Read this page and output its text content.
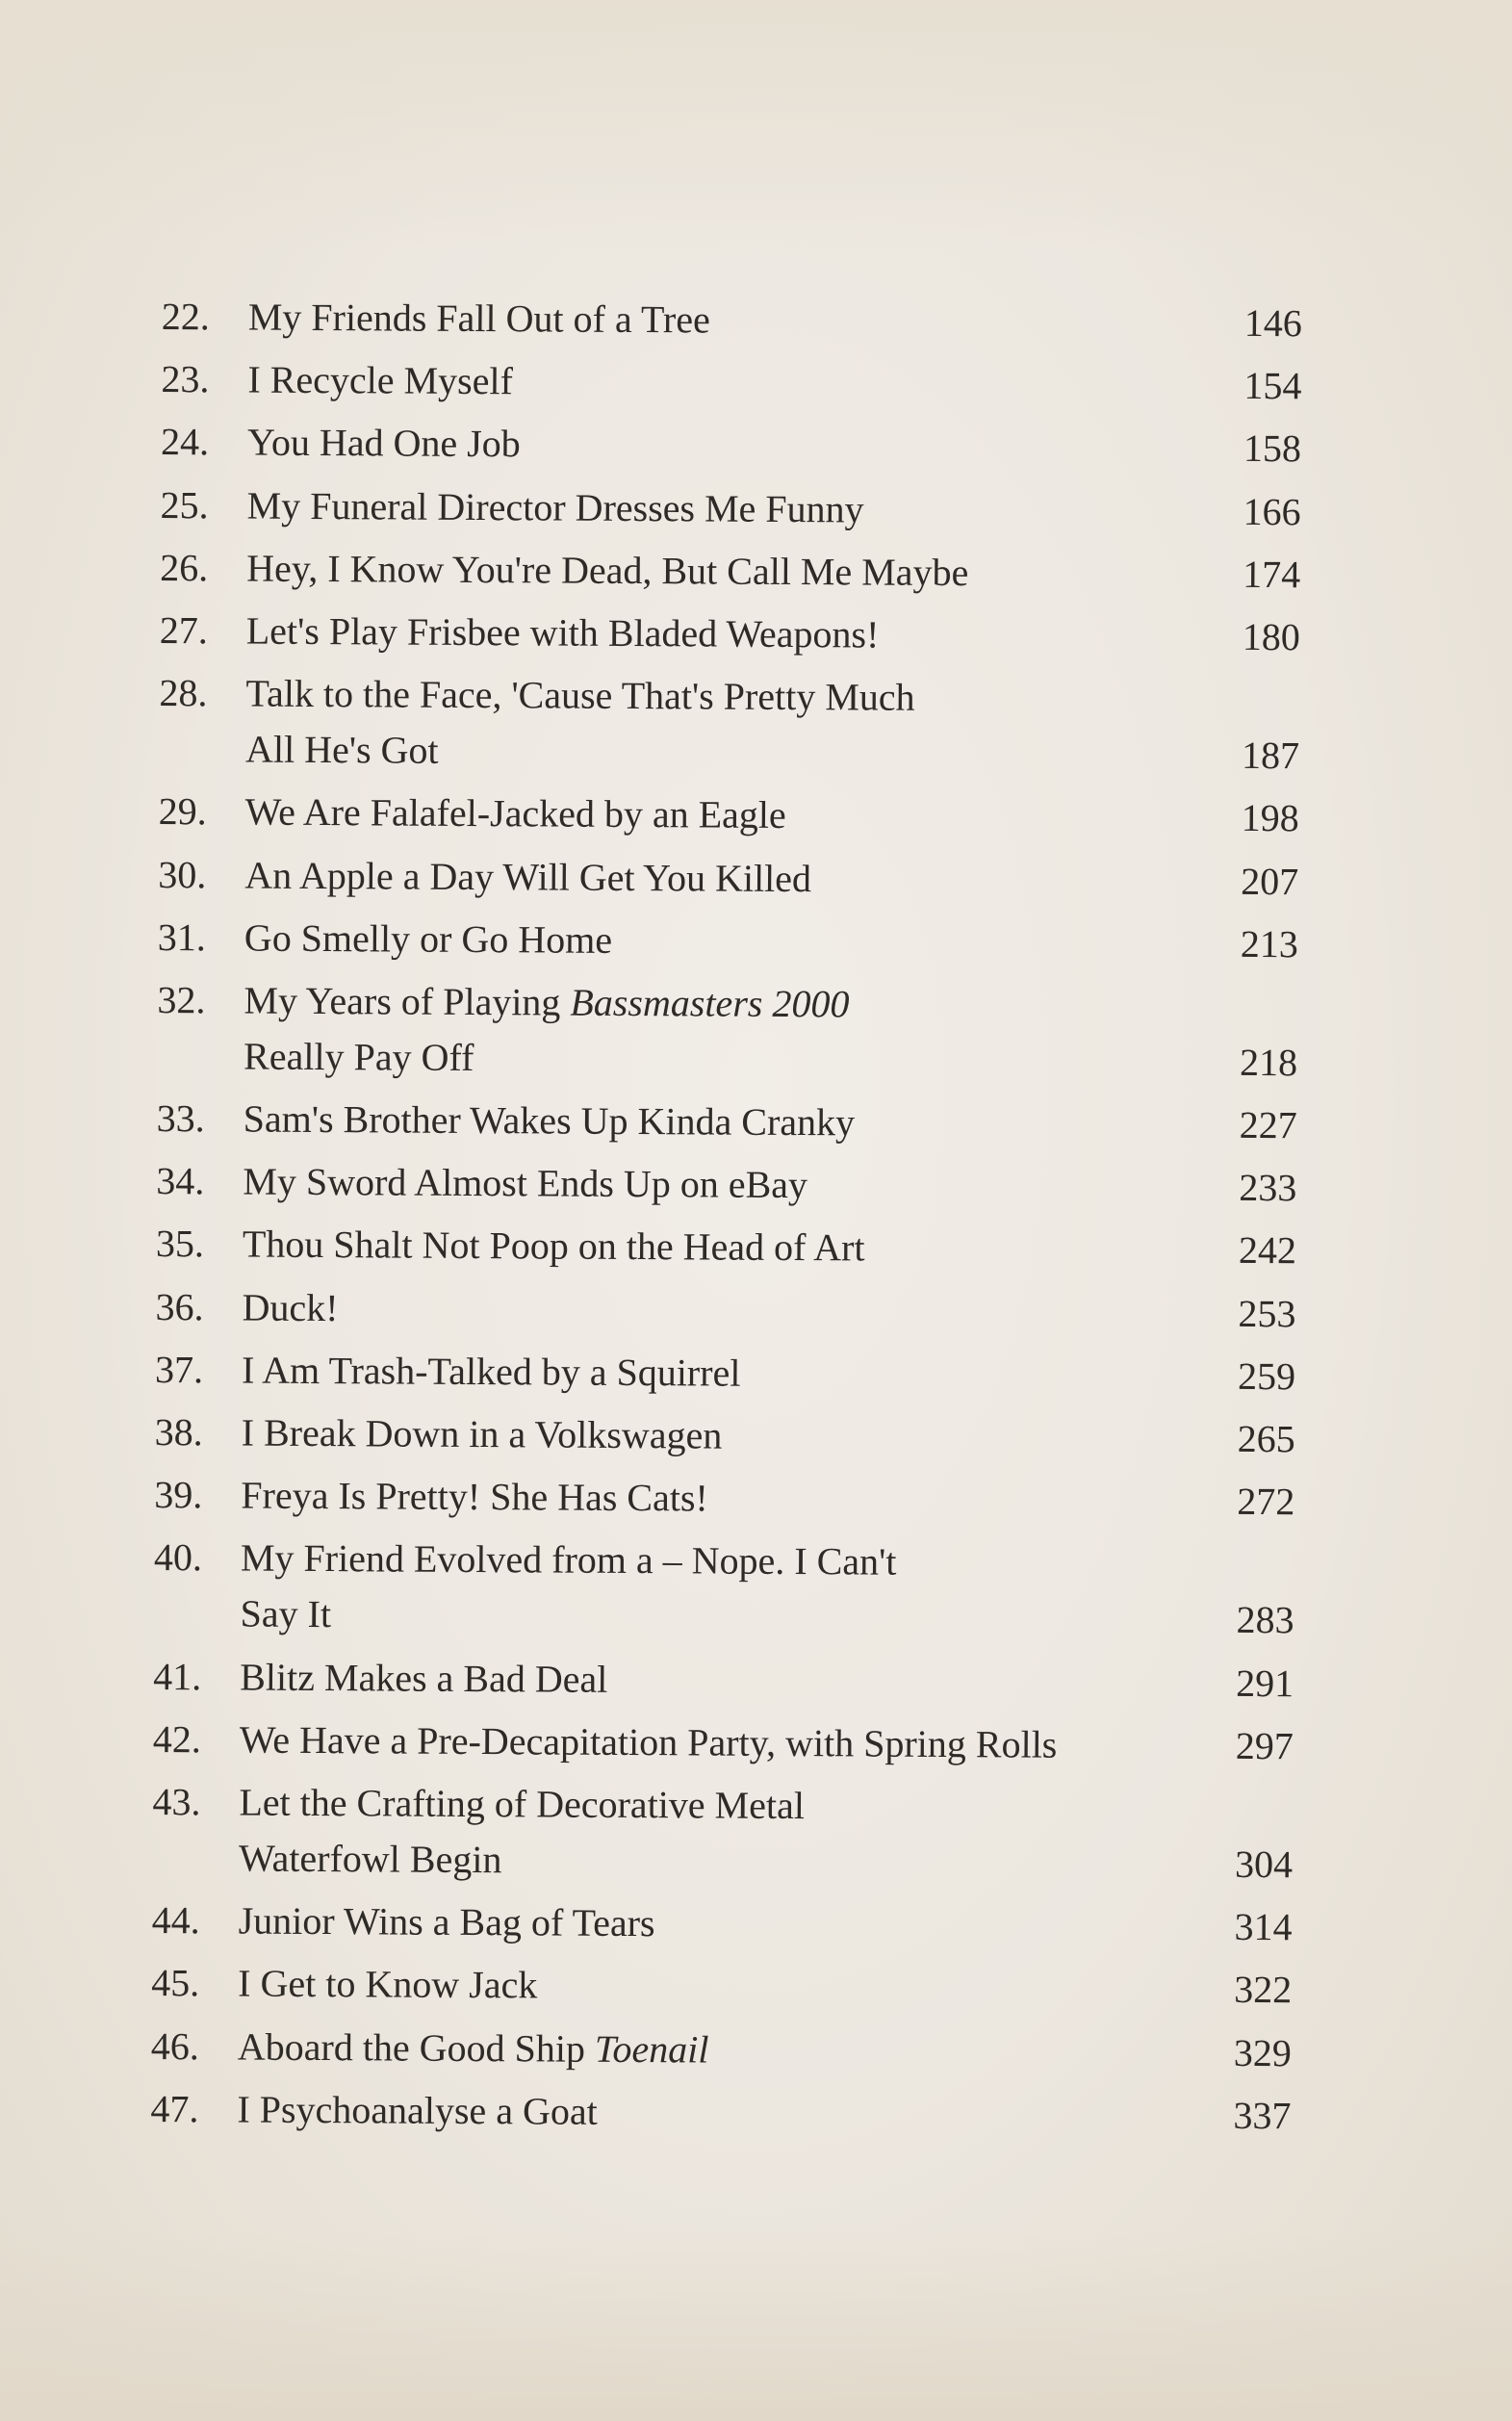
22. My Friends Fall Out of a Tree	146
23. I Recycle Myself	154
24. You Had One Job	158
25. My Funeral Director Dresses Me Funny	166
26. Hey, I Know You're Dead, But Call Me Maybe	174
27. Let's Play Frisbee with Bladed Weapons!	180
28. Talk to the Face, 'Cause That's Pretty Much
All He's Got	187
29. We Are Falafel-Jacked by an Eagle	198
30. An Apple a Day Will Get You Killed	207
31. Go Smelly or Go Home	213
32. My Years of Playing Bassmasters 2000
Really Pay Off	218
33. Sam's Brother Wakes Up Kinda Cranky	227
34. My Sword Almost Ends Up on eBay	233
35. Thou Shalt Not Poop on the Head of Art	242
36. Duck!	253
37. I Am Trash-Talked by a Squirrel	259
38. I Break Down in a Volkswagen	265
39. Freya Is Pretty! She Has Cats!	272
40. My Friend Evolved from a – Nope. I Can't
Say It	283
41. Blitz Makes a Bad Deal	291
42. We Have a Pre-Decapitation Party, with Spring Rolls	297
43. Let the Crafting of Decorative Metal
Waterfowl Begin	304
44. Junior Wins a Bag of Tears	314
45. I Get to Know Jack	322
46. Aboard the Good Ship Toenail	329
47. I Psychoanalyse a Goat	337
